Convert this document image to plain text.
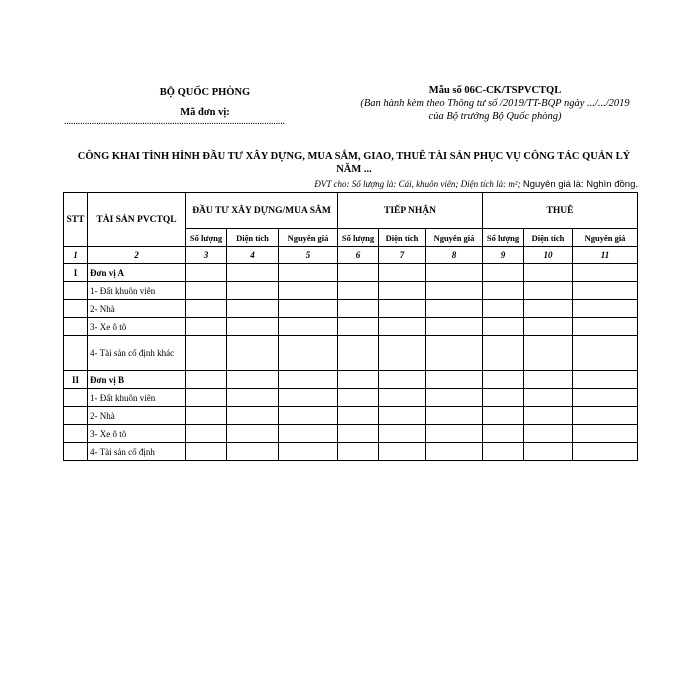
BỘ QUỐC PHÒNG
Mã đơn vị:
................................................................................................
Mẫu số 06C-CK/TSPVCTQL
(Ban hành kèm theo Thông tư số /2019/TT-BQP ngày .../.../2019
của Bộ trưởng Bộ Quốc phòng)
CÔNG KHAI TÌNH HÌNH ĐẦU TƯ XÂY DỰNG, MUA SẮM, GIAO, THUÊ TÀI SẢN PHỤC VỤ CÔNG TÁC QUẢN LÝ NĂM ...
ĐVT cho: Số lượng là: Cái, khuôn viên; Diện tích là: m²; Nguyên giá là: Nghìn đồng.
STT	TÀI SẢN PVCTQL	ĐẦU TƯ XÂY DỰNG/MUA SẮM			TIẾP NHẬN			THUÊ		
		Số lượng	Diện tích	Nguyên giá	Số lượng	Diện tích	Nguyên giá	Số lượng	Diện tích	Nguyên giá
1	2	3	4	5	6	7	8	9	10	11
I	Đơn vị A									
	1- Đất khuôn viên									
	2- Nhà									
	3- Xe ô tô									
	4- Tài sản cố định khác									
II	Đơn vị B									
	1- Đất khuôn viên									
	2- Nhà									
	3- Xe ô tô									
	4- Tài sản cố định									
